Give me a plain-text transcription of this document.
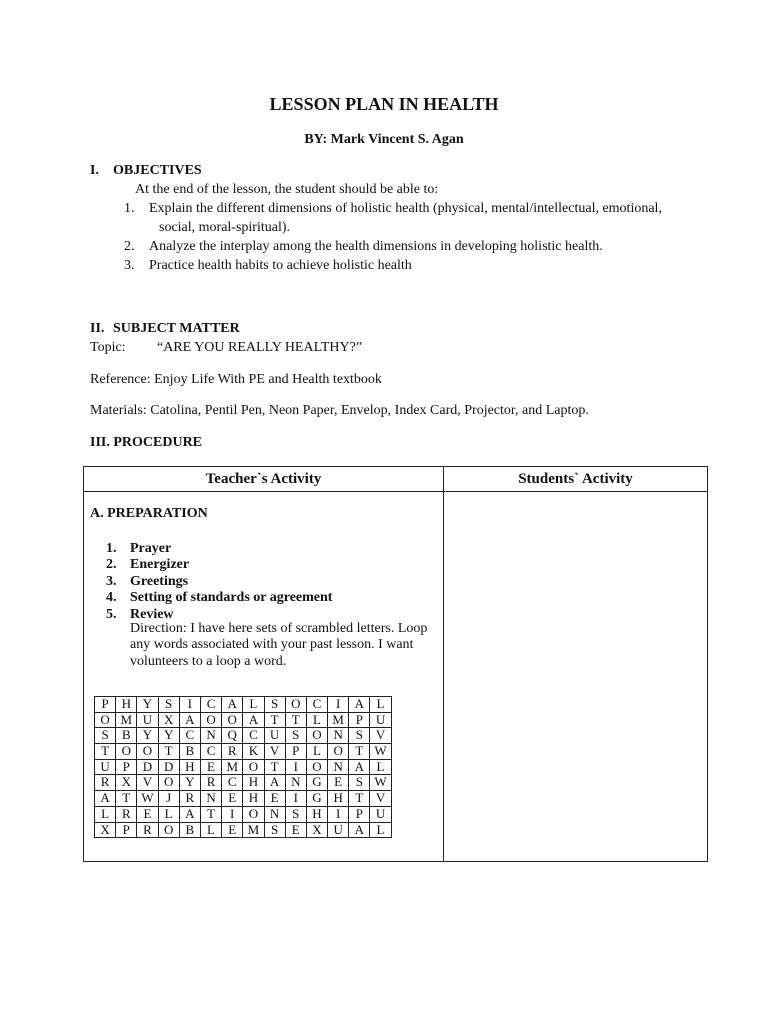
LESSON PLAN IN HEALTH
BY: Mark Vincent S. Agan
I. OBJECTIVES
At the end of the lesson, the student should be able to:
1. Explain the different dimensions of holistic health (physical, mental/intellectual, emotional,
social, moral-spiritual).
2. Analyze the interplay among the health dimensions in developing holistic health.
3. Practice health habits to achieve holistic health
II. SUBJECT MATTER
Topic: “ARE YOU REALLY HEALTHY?”
Reference: Enjoy Life With PE and Health textbook
Materials: Catolina, Pentil Pen, Neon Paper, Envelop, Index Card, Projector, and Laptop.
III. PROCEDURE
Teacher`s Activity	Students` Activity

A. PREPARATION
1. Prayer
2. Energizer
3. Greetings
4. Setting of standards or agreement
5. Review
Direction: I have here sets of scrambled letters. Loop any words associated with your past lesson. I want volunteers to a loop a word.
P	H	Y	S	I	C	A	L	S	O	C	I	A	L
O	M	U	X	A	O	O	A	T	T	L	M	P	U
S	B	Y	Y	C	N	Q	C	U	S	O	N	S	V
T	O	O	T	B	C	R	K	V	P	L	O	T	W
U	P	D	D	H	E	M	O	T	I	O	N	A	L
R	X	V	O	Y	R	C	H	A	N	G	E	S	W
A	T	W	J	R	N	E	H	E	I	G	H	T	V
L	R	E	L	A	T	I	O	N	S	H	I	P	U
X	P	R	O	B	L	E	M	S	E	X	U	A	L
